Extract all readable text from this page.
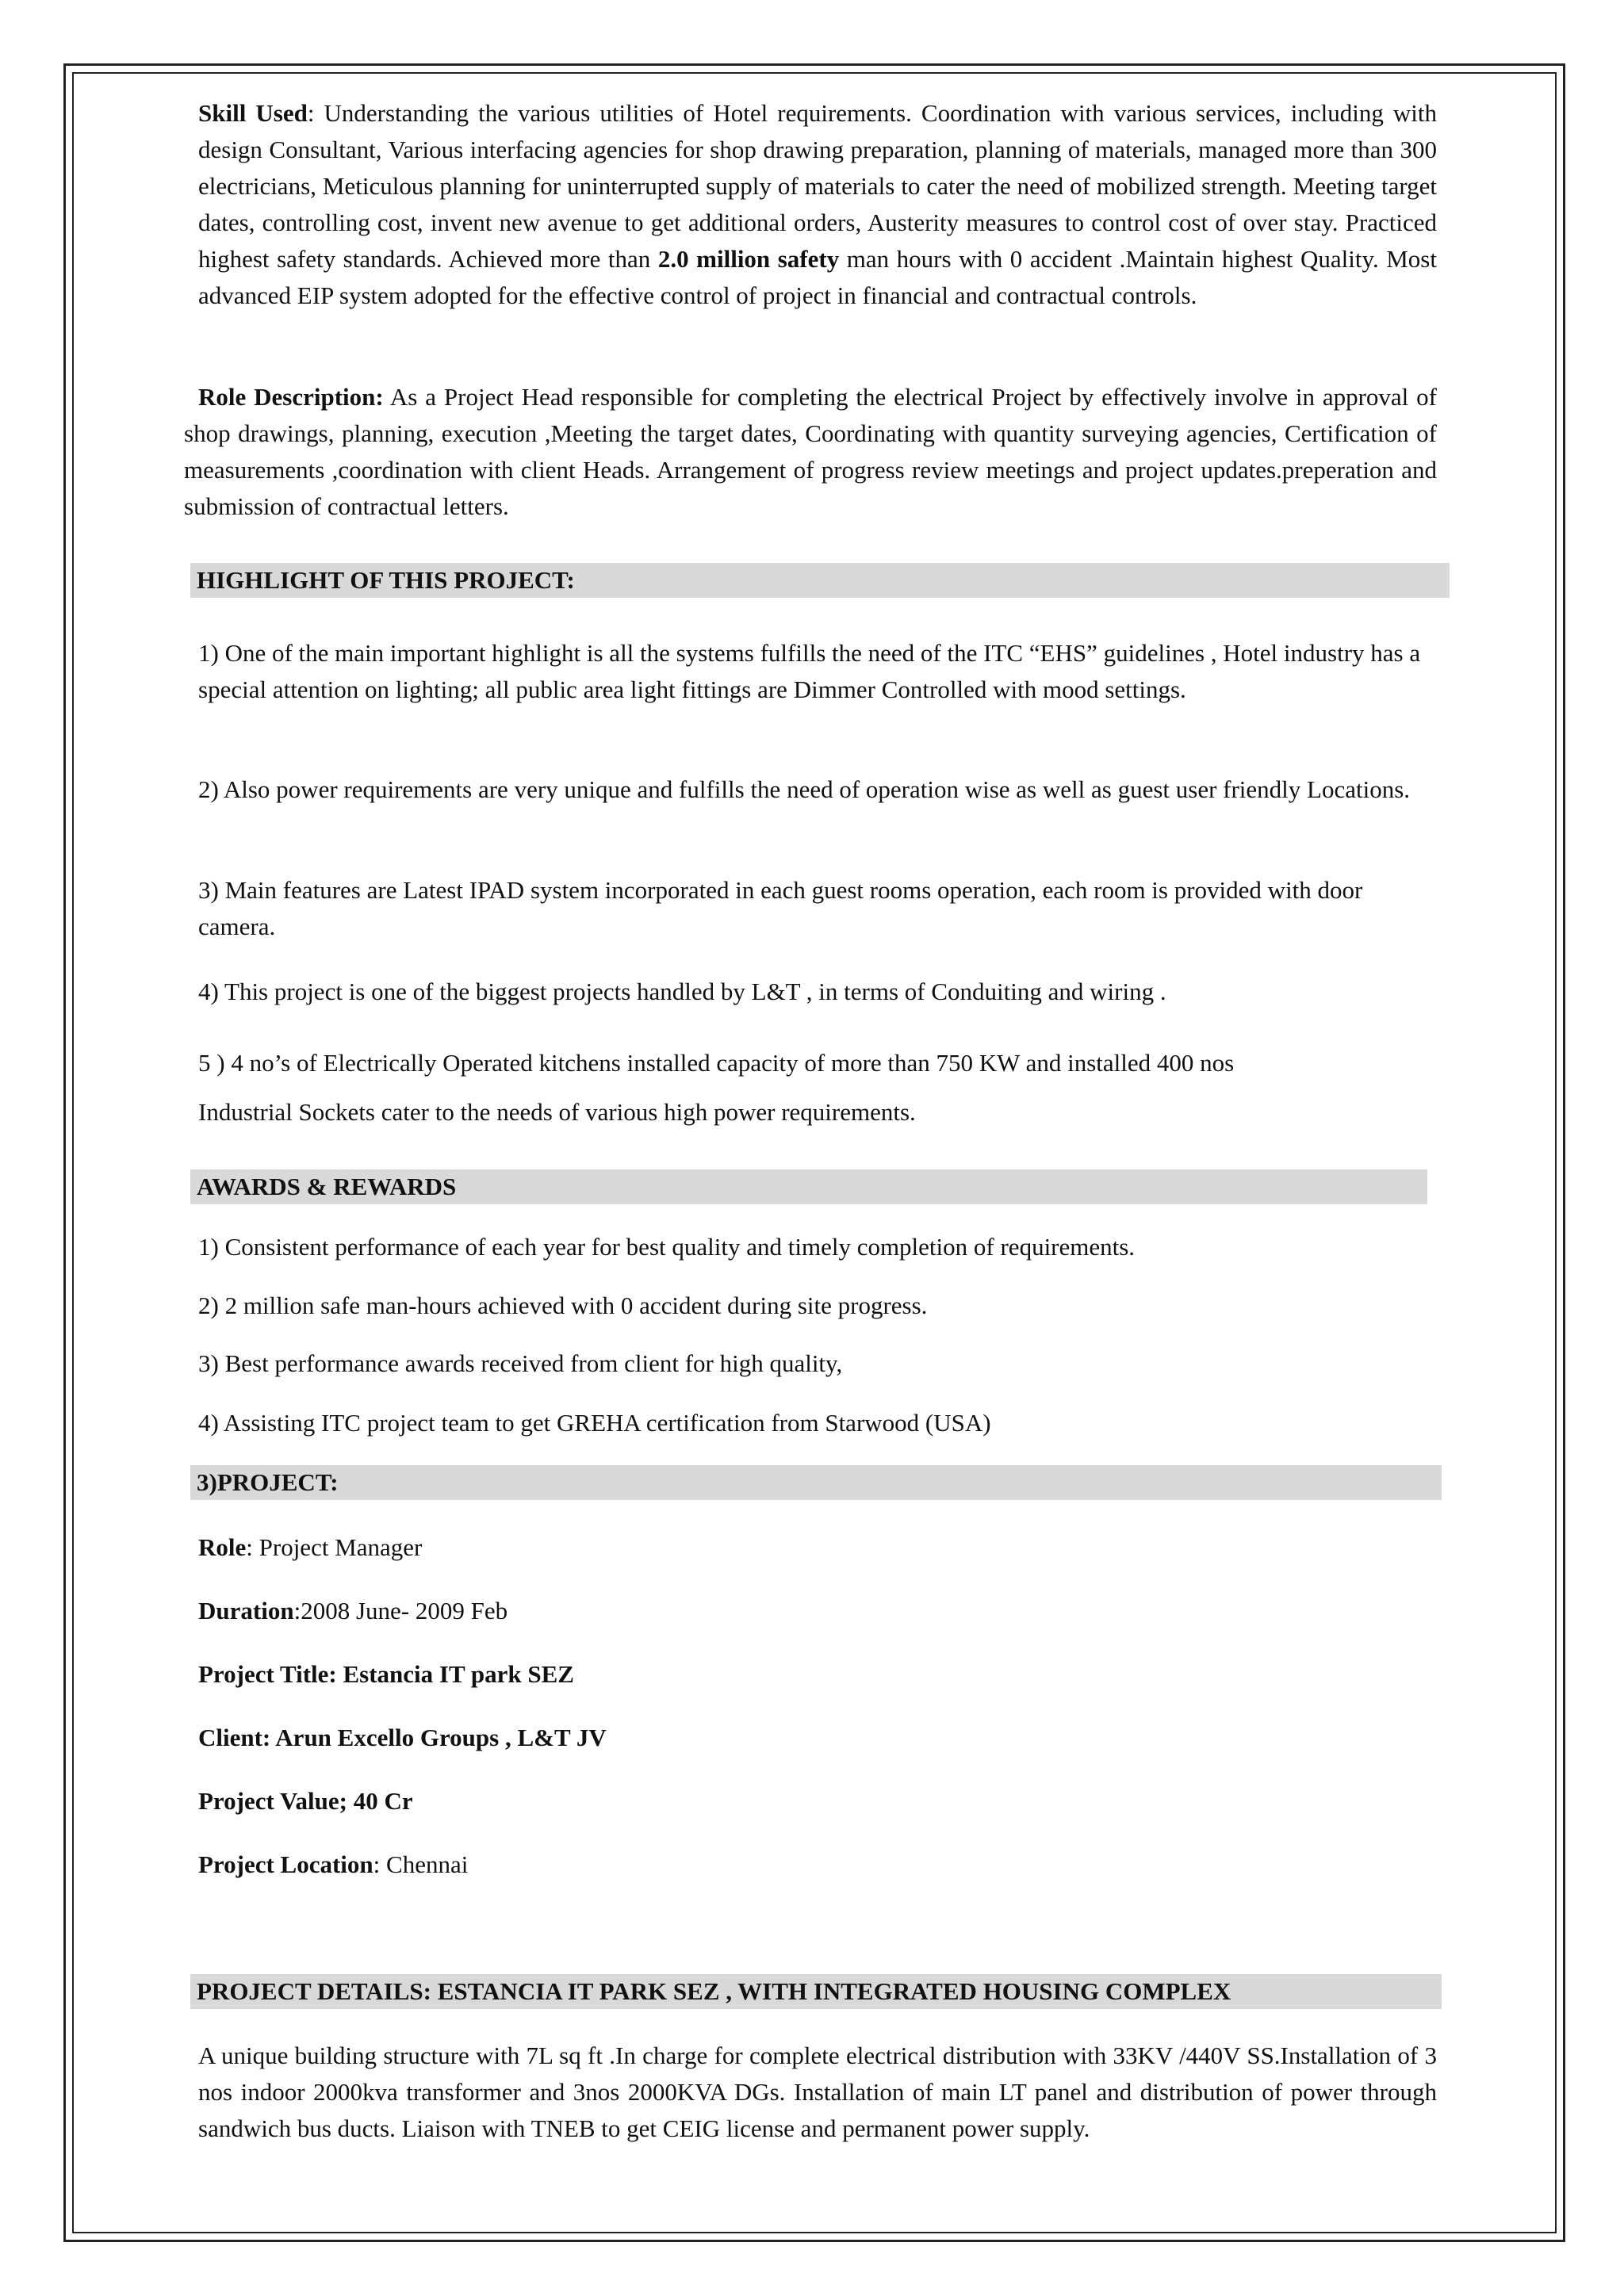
Skill Used: Understanding the various utilities of Hotel requirements. Coordination with various services, including with design Consultant, Various interfacing agencies for shop drawing preparation, planning of materials, managed more than 300 electricians, Meticulous planning for uninterrupted supply of materials to cater the need of mobilized strength. Meeting target dates, controlling cost, invent new avenue to get additional orders, Austerity measures to control cost of over stay. Practiced highest safety standards. Achieved more than 2.0 million safety man hours with 0 accident .Maintain highest Quality. Most advanced EIP system adopted for the effective control of project in financial and contractual controls.
Role Description: As a Project Head responsible for completing the electrical Project by effectively involve in approval of shop drawings, planning, execution ,Meeting the target dates, Coordinating with quantity surveying agencies, Certification of measurements ,coordination with client Heads. Arrangement of progress review meetings and project updates.preperation and submission of contractual letters.
HIGHLIGHT OF THIS PROJECT:
1) One of the main important highlight is all the systems fulfills the need of the ITC “EHS” guidelines , Hotel industry has a special attention on lighting; all public area light fittings are Dimmer Controlled with mood settings.
2) Also power requirements are very unique and fulfills the need of operation wise as well as guest user friendly Locations.
3) Main features are Latest IPAD system incorporated in each guest rooms operation, each room is provided with door camera.
4) This project is one of the biggest projects handled by L&T , in terms of Conduiting and wiring .
5 ) 4 no’s of Electrically Operated kitchens installed capacity of more than 750 KW and installed 400 nos
Industrial Sockets cater to the needs of various high power requirements.
AWARDS & REWARDS
1) Consistent performance of each year for best quality and timely completion of requirements.
2) 2 million safe man-hours achieved with 0 accident during site progress.
3) Best performance awards received from client for high quality,
4) Assisting ITC project team to get GREHA certification from Starwood (USA)
3)PROJECT:
Role: Project Manager
Duration:2008 June- 2009 Feb
Project Title: Estancia IT park SEZ
Client: Arun Excello Groups , L&T JV
Project Value; 40 Cr
Project Location: Chennai
PROJECT DETAILS: ESTANCIA IT PARK SEZ , WITH INTEGRATED HOUSING COMPLEX
A unique building structure with 7L sq ft .In charge for complete electrical distribution with 33KV /440V SS.Installation of 3 nos indoor 2000kva transformer and 3nos 2000KVA DGs. Installation of main LT panel and distribution of power through sandwich bus ducts. Liaison with TNEB to get CEIG license and permanent power supply.
